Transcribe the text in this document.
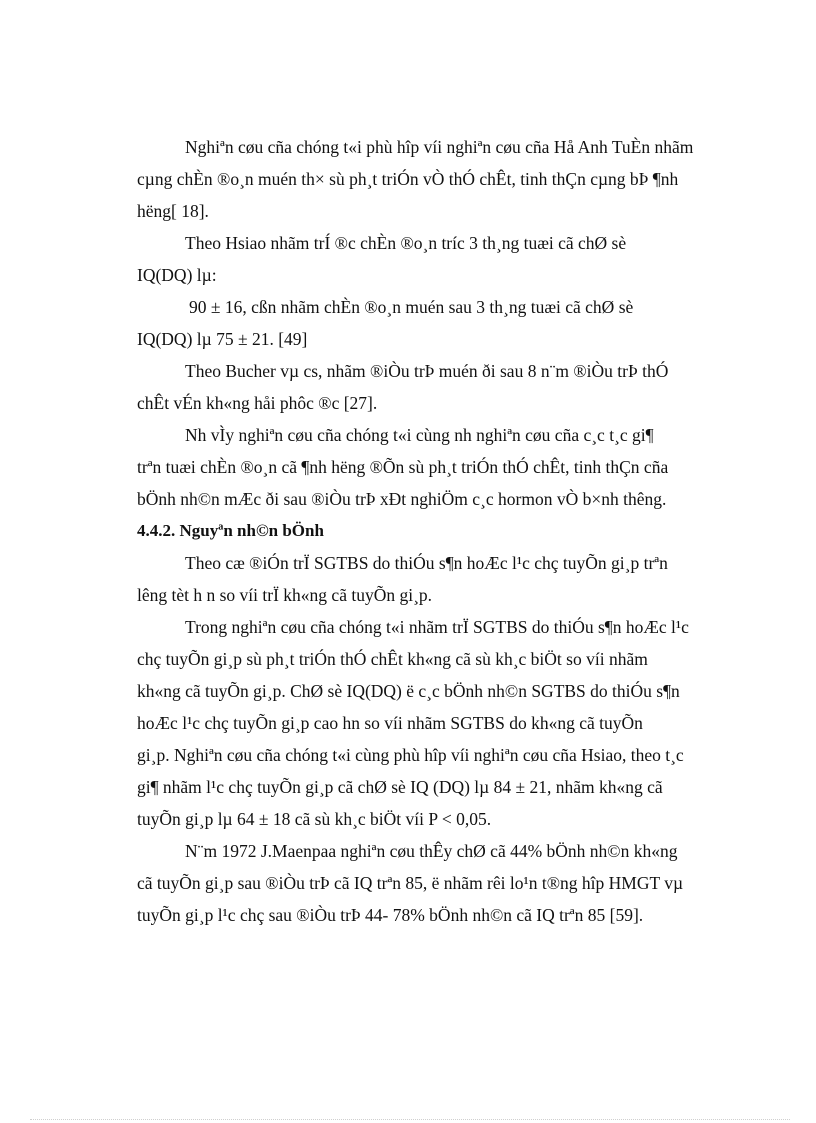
Nghiªn cøu cña chóng t«i phù hîp víi nghiªn cøu cña Hå Anh TuÈn nhãm
cµng chÈn ®o¸n muén th× sù ph¸t triÓn vÒ thÓ chÊt, tinh thÇn cµng bÞ ¶nh
hëng[ 18].

Theo Hsiao nhãm trÍ ®c chÈn ®o¸n tríc 3 th¸ng tuæi cã chØ sè
IQ(DQ) lµ:

90 ± 16, cßn nhãm chÈn ®o¸n muén sau 3 th¸ng tuæi cã chØ sè
IQ(DQ) lµ 75 ± 21. [49]

Theo Bucher vµ cs, nhãm ®iÒu trÞ muén ði sau 8 n¨m ®iÒu trÞ thÓ
chÊt vÉn kh«ng håi phôc ®c [27].

Nh vÌy nghiªn cøu cña chóng t«i cùng nh nghiªn cøu cña c¸c t¸c gi¶
trªn tuæi chÈn ®o¸n cã ¶nh hëng ®Õn sù ph¸t triÓn thÓ chÊt, tinh thÇn cña
bÖnh nh©n mÆc ði sau ®iÒu trÞ xÐt nghiÖm c¸c hormon vÒ b×nh thêng.

4.4.2. Nguyªn nh©n bÖnh

Theo cæ ®iÓn trÏ SGTBS do thiÓu s¶n hoÆc l¹c chç tuyÕn gi¸p trªn
lêng tèt h n so víi trÏ kh«ng cã tuyÕn gi¸p.

Trong nghiªn cøu cña chóng t«i nhãm trÏ SGTBS do thiÓu s¶n hoÆc l¹c
chç tuyÕn gi¸p sù ph¸t triÓn thÓ chÊt kh«ng cã sù kh¸c biÖt so víi nhãm
kh«ng cã tuyÕn gi¸p. ChØ sè IQ(DQ) ë c¸c bÖnh nh©n SGTBS do thiÓu s¶n
hoÆc l¹c chç tuyÕn gi¸p cao hn so víi nhãm SGTBS do kh«ng cã tuyÕn
gi¸p. Nghiªn cøu cña chóng t«i cùng phù hîp víi nghiªn cøu cña Hsiao, theo t¸c
gi¶ nhãm l¹c chç tuyÕn gi¸p cã chØ sè IQ (DQ) lµ 84 ± 21, nhãm kh«ng cã
tuyÕn gi¸p lµ 64 ± 18 cã sù kh¸c biÖt víi P < 0,05.

N¨m 1972 J.Maenpaa nghiªn cøu thÊy chØ cã 44% bÖnh nh©n kh«ng
cã tuyÕn gi¸p sau ®iÒu trÞ cã IQ trªn 85, ë nhãm rêi lo¹n t®ng hîp HMGT vµ
tuyÕn gi¸p l¹c chç sau ®iÒu trÞ 44- 78% bÖnh nh©n cã IQ trªn 85 [59].
